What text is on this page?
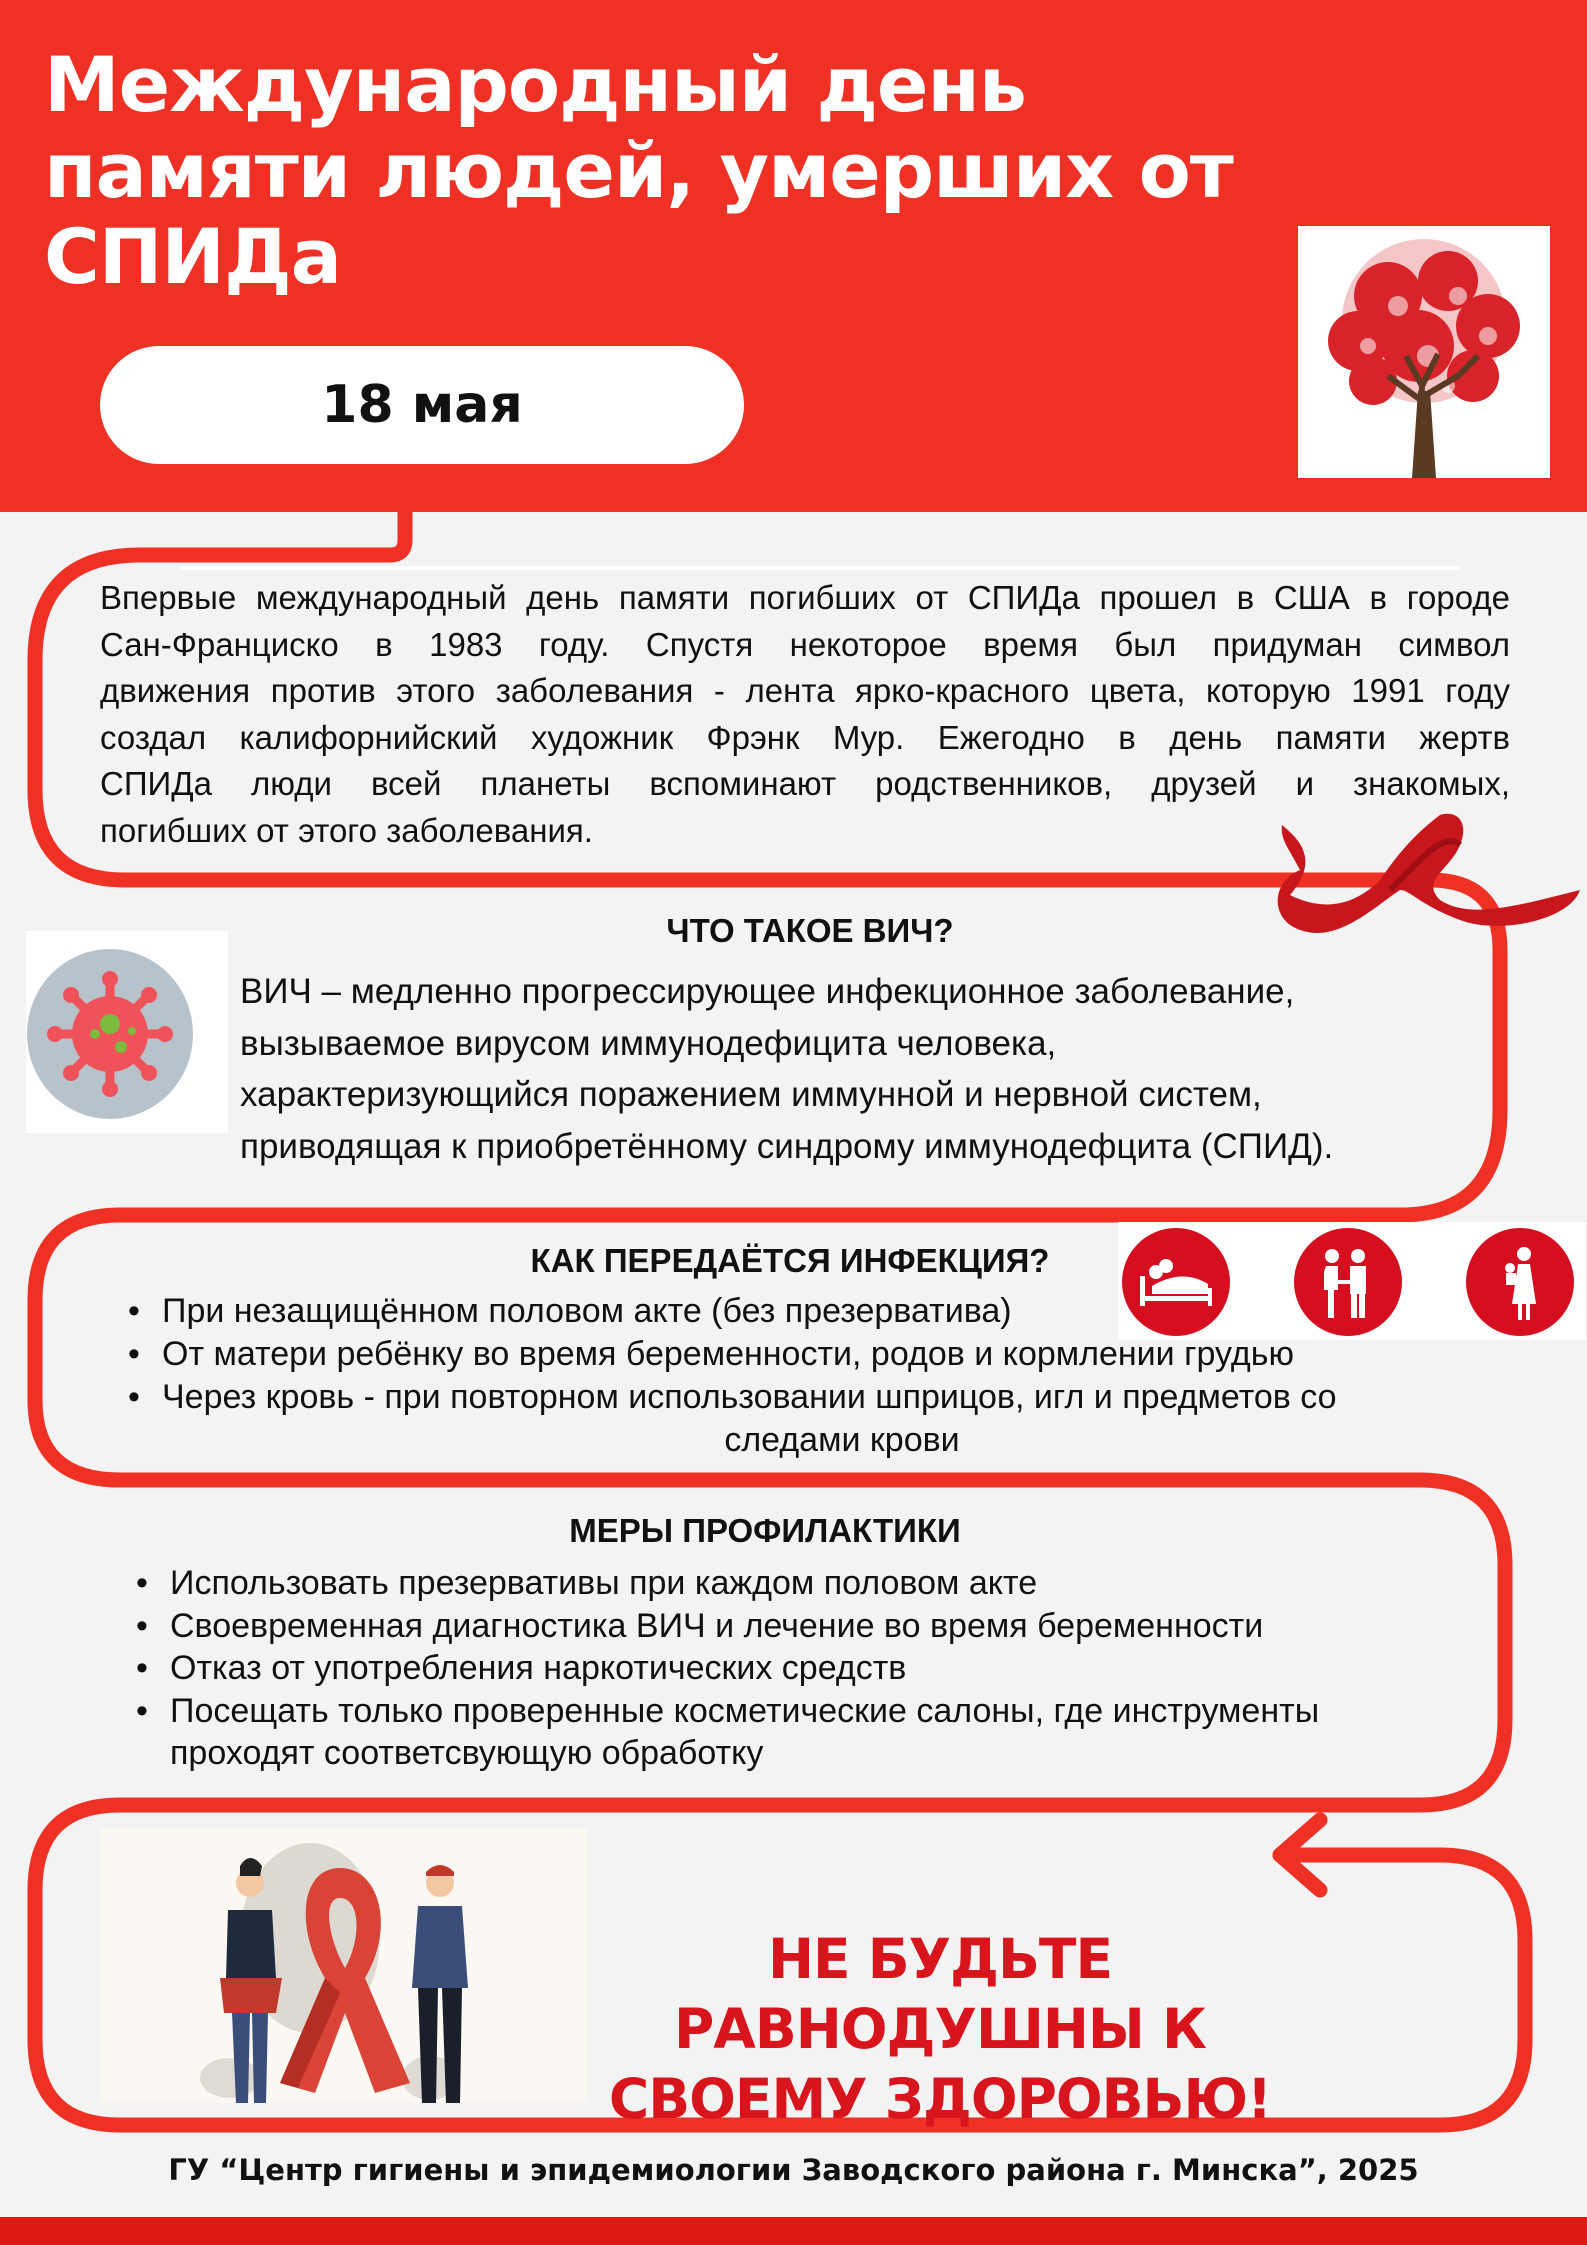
Международный день
памяти людей, умерших от
СПИДа
18 мая
Впервые международный день памяти погибших от СПИДа прошел в США в городе
Сан-Франциско в 1983 году. Спустя некоторое время был придуман символ
движения против этого заболевания - лента ярко-красного цвета, которую 1991 году
создал калифорнийский художник Фрэнк Мур. Ежегодно в день памяти жертв
СПИДа люди всей планеты вспоминают родственников, друзей и знакомых,
погибших от этого заболевания.
ЧТО ТАКОЕ ВИЧ?
ВИЧ – медленно прогрессирующее инфекционное заболевание,
вызываемое вирусом иммунодефицита человека,
характеризующийся поражением иммунной и нервной систем,
приводящая к приобретённому синдрому иммунодефцита (СПИД).
КАК ПЕРЕДАЁТСЯ ИНФЕКЦИЯ?
• При незащищённом половом акте (без презерватива)
• От матери ребёнку во время беременности, родов и кормлении грудью
• Через кровь - при повторном использовании шприцов, игл и предметов со
следами крови
МЕРЫ ПРОФИЛАКТИКИ
• Использовать презервативы при каждом половом акте
• Своевременная диагностика ВИЧ и лечение во время беременности
• Отказ от употребления наркотических средств
• Посещать только проверенные косметические салоны, где инструменты
проходят соответсвующую обработку
НЕ БУДЬТЕ РАВНОДУШНЫ К
СВОЕМУ ЗДОРОВЬЮ!
ГУ “Центр гигиены и эпидемиологии Заводского района г. Минска”, 2025
